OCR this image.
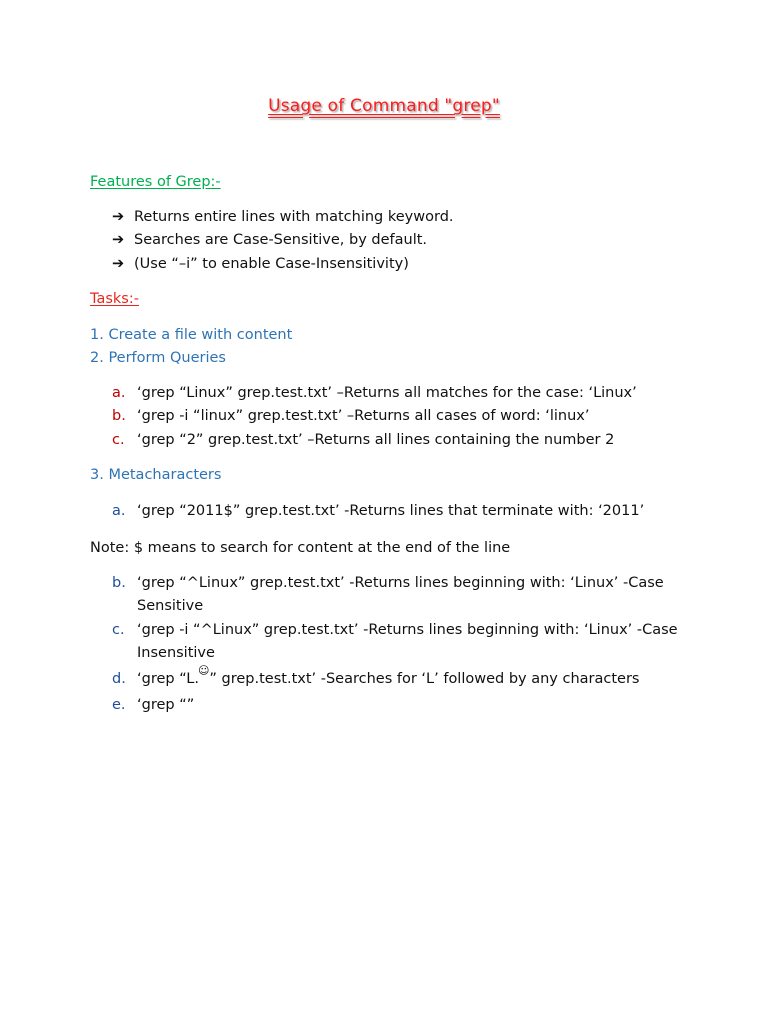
Usage of Command "grep"
Features of Grep:-
➔ Returns entire lines with matching keyword.
➔ Searches are Case-Sensitive, by default.
➔ (Use “–i” to enable Case-Insensitivity)
Tasks:-
1. Create a file with content
2. Perform Queries
a. ‘grep “Linux” grep.test.txt’ –Returns all matches for the case: ‘Linux’
b. ‘grep -i “linux” grep.test.txt’ –Returns all cases of word: ‘linux’
c. ‘grep “2” grep.test.txt’ –Returns all lines containing the number 2
3. Metacharacters
a. ‘grep “2011$” grep.test.txt’ -Returns lines that terminate with: ‘2011’
Note: $ means to search for content at the end of the line
b. ‘grep “^Linux” grep.test.txt’ -Returns lines beginning with: ‘Linux’ -Case
Sensitive
c. ‘grep -i “^Linux” grep.test.txt’ -Returns lines beginning with: ‘Linux’ -Case
Insensitive
d. ‘grep “L.☺” grep.test.txt’ -Searches for ‘L’ followed by any characters
e. ‘grep “”
